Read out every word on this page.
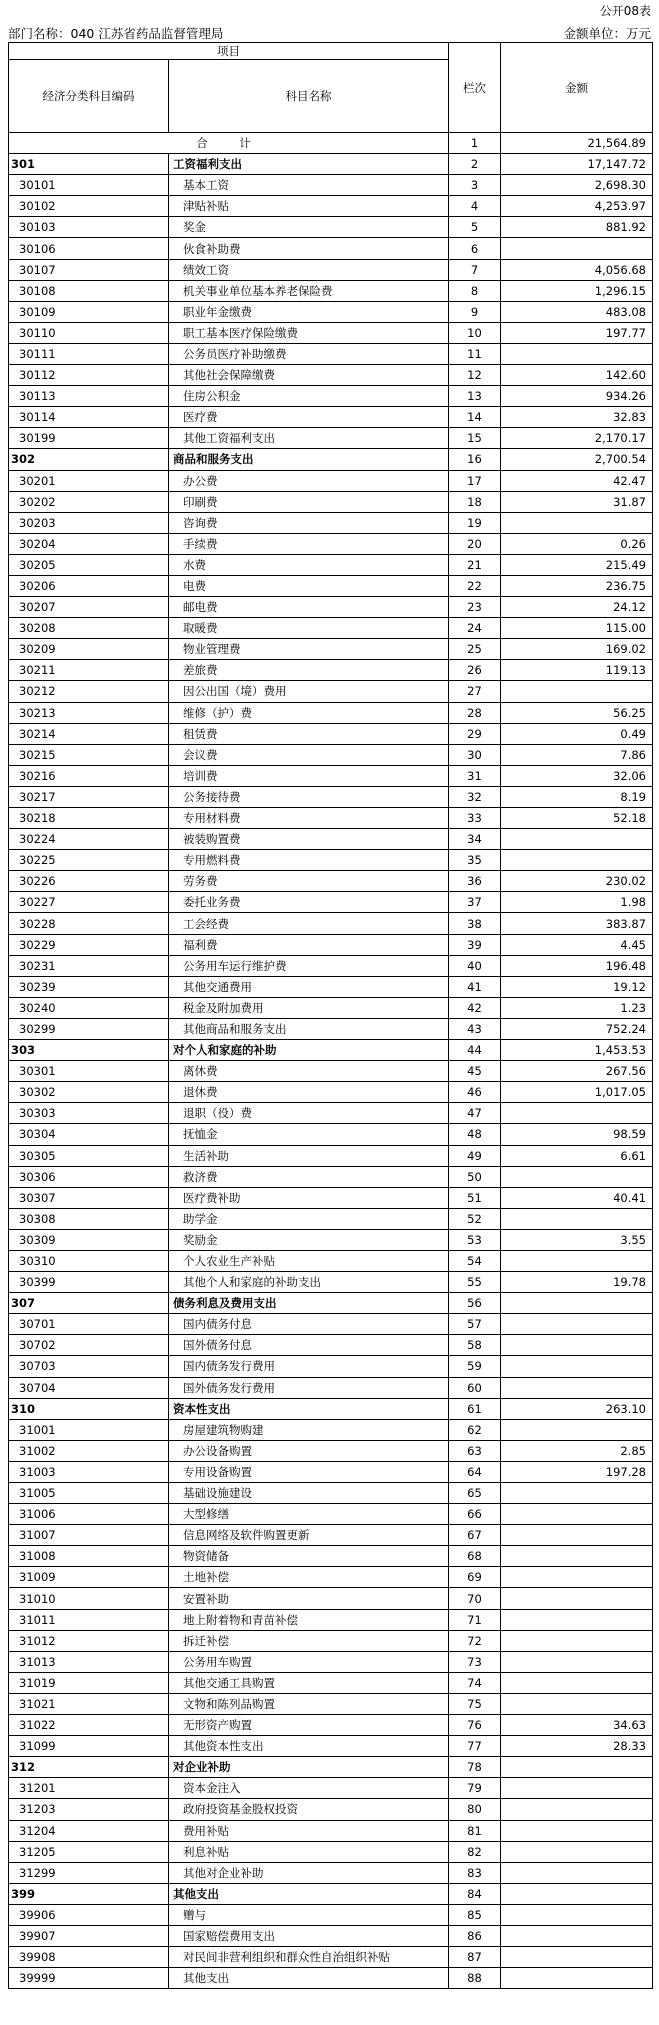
公开08表
部门名称：040 江苏省药品监督管理局	金额单位：万元
项目		栏次	金额
经济分类科目编码	科目名称		
合　计		1	21,564.89
301	工资福利支出	2	17,147.72
30101	基本工资	3	2,698.30
30102	津贴补贴	4	4,253.97
30103	奖金	5	881.92
30106	伙食补助费	6	
30107	绩效工资	7	4,056.68
30108	机关事业单位基本养老保险费	8	1,296.15
30109	职业年金缴费	9	483.08
30110	职工基本医疗保险缴费	10	197.77
30111	公务员医疗补助缴费	11	
30112	其他社会保障缴费	12	142.60
30113	住房公积金	13	934.26
30114	医疗费	14	32.83
30199	其他工资福利支出	15	2,170.17
302	商品和服务支出	16	2,700.54
30201	办公费	17	42.47
30202	印刷费	18	31.87
30203	咨询费	19	
30204	手续费	20	0.26
30205	水费	21	215.49
30206	电费	22	236.75
30207	邮电费	23	24.12
30208	取暖费	24	115.00
30209	物业管理费	25	169.02
30211	差旅费	26	119.13
30212	因公出国（境）费用	27	
30213	维修（护）费	28	56.25
30214	租赁费	29	0.49
30215	会议费	30	7.86
30216	培训费	31	32.06
30217	公务接待费	32	8.19
30218	专用材料费	33	52.18
30224	被装购置费	34	
30225	专用燃料费	35	
30226	劳务费	36	230.02
30227	委托业务费	37	1.98
30228	工会经费	38	383.87
30229	福利费	39	4.45
30231	公务用车运行维护费	40	196.48
30239	其他交通费用	41	19.12
30240	税金及附加费用	42	1.23
30299	其他商品和服务支出	43	752.24
303	对个人和家庭的补助	44	1,453.53
30301	离休费	45	267.56
30302	退休费	46	1,017.05
30303	退职（役）费	47	
30304	抚恤金	48	98.59
30305	生活补助	49	6.61
30306	救济费	50	
30307	医疗费补助	51	40.41
30308	助学金	52	
30309	奖励金	53	3.55
30310	个人农业生产补贴	54	
30399	其他个人和家庭的补助支出	55	19.78
307	债务利息及费用支出	56	
30701	国内债务付息	57	
30702	国外债务付息	58	
30703	国内债务发行费用	59	
30704	国外债务发行费用	60	
310	资本性支出	61	263.10
31001	房屋建筑物购建	62	
31002	办公设备购置	63	2.85
31003	专用设备购置	64	197.28
31005	基础设施建设	65	
31006	大型修缮	66	
31007	信息网络及软件购置更新	67	
31008	物资储备	68	
31009	土地补偿	69	
31010	安置补助	70	
31011	地上附着物和青苗补偿	71	
31012	拆迁补偿	72	
31013	公务用车购置	73	
31019	其他交通工具购置	74	
31021	文物和陈列品购置	75	
31022	无形资产购置	76	34.63
31099	其他资本性支出	77	28.33
312	对企业补助	78	
31201	资本金注入	79	
31203	政府投资基金股权投资	80	
31204	费用补贴	81	
31205	利息补贴	82	
31299	其他对企业补助	83	
399	其他支出	84	
39906	赠与	85	
39907	国家赔偿费用支出	86	
39908	对民间非营利组织和群众性自治组织补贴	87	
39999	其他支出	88	
